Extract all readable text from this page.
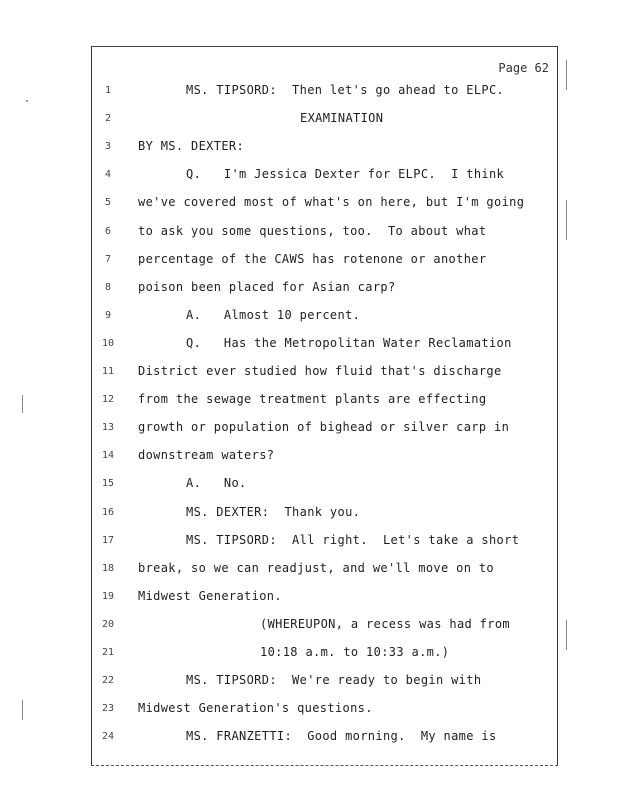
Page 62
1	MS. TIPSORD:  Then let's go ahead to ELPC.
2	EXAMINATION
3	BY MS. DEXTER:
4	Q.   I'm Jessica Dexter for ELPC.  I think
5	we've covered most of what's on here, but I'm going
6	to ask you some questions, too.  To about what
7	percentage of the CAWS has rotenone or another
8	poison been placed for Asian carp?
9	A.   Almost 10 percent.
10	Q.   Has the Metropolitan Water Reclamation
11	District ever studied how fluid that's discharge
12	from the sewage treatment plants are effecting
13	growth or population of bighead or silver carp in
14	downstream waters?
15	A.   No.
16	MS. DEXTER:  Thank you.
17	MS. TIPSORD:  All right.  Let's take a short
18	break, so we can readjust, and we'll move on to
19	Midwest Generation.
20	(WHEREUPON, a recess was had from
21	10:18 a.m. to 10:33 a.m.)
22	MS. TIPSORD:  We're ready to begin with
23	Midwest Generation's questions.
24	MS. FRANZETTI:  Good morning.  My name is
